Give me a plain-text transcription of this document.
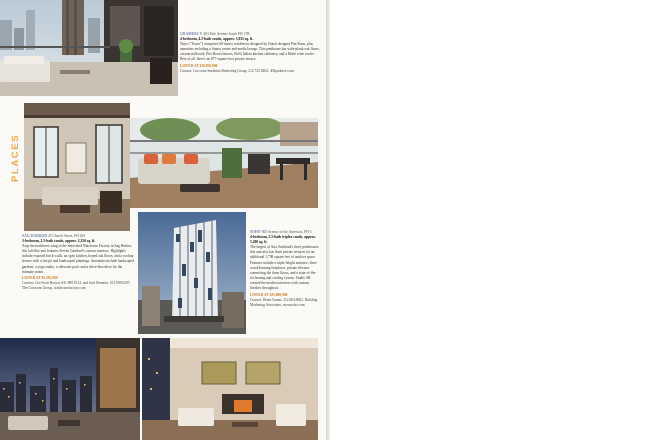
GRAMERCY 404 Park Avenue South PH 17B
4-bedroom, 4.5-bath condo, approx. 3,035 sq. ft.
Nuys ("Tower") comprises 68 luxury residences designed by Dutch designer Piet Boon, plus amenities including a fitness center and media lounge. This penthouse has wide-plank oak floors, custom millwork, Piet Boon fixtures, Boffi Italian kitchen cabinetry, and a Miele wine cooler. Best of all, there's an 877-square-foot private terrace.
LISTED AT $10,950,000
Contact: Corcoran Sunshine Marketing Group, 212.725.0404, 404parkave.com

PLACES

SAG HARBOR 25 Church Street, PH 208
3-bedroom, 2.5-bath condo, approx. 2,250 sq. ft.
Atop the northwest wing of the renovated Watchcase Factory in Sag Harbor, this loft-like unit features Steven Gambrel's custom interiors. Highlights include exposed brick walls, an open kitchen, honed oak floors, and a rooftop terrace with a fire pit and landscaped plantings. Amenities include landscaped gardens, a yoga studio, a saltwater pool, and a drive-thru drive for the intimate steam.
LISTED AT $5,395,000
Contact: Cee Scott Brown, 631.899.0114, and Jack Pinsmin, 631.899.0207, The Corcoran Group, watchcasefactory.com

SOHO 565 Avenue of the Americas, PH 6
4-bedroom, 5.5-bath triplex condo, approx. 5,200 sq. ft.
The largest of Aria Soulistad's three penthouses, this unit also has three private terraces for an additional 1,798 square feet of outdoor space. Features include a triple-height entrance, three wood-burning fireplaces, private elevator connecting the three floors, and a state-of-the-art heating and cooling system. Studio SB created the modern interiors with custom finishes throughout.
LISTED AT $25,000,000
Contact: Brian Turner, 212.804.8062, Building Marketing Associates, averasoho.com

128 NEWYORKSPACES.COM
